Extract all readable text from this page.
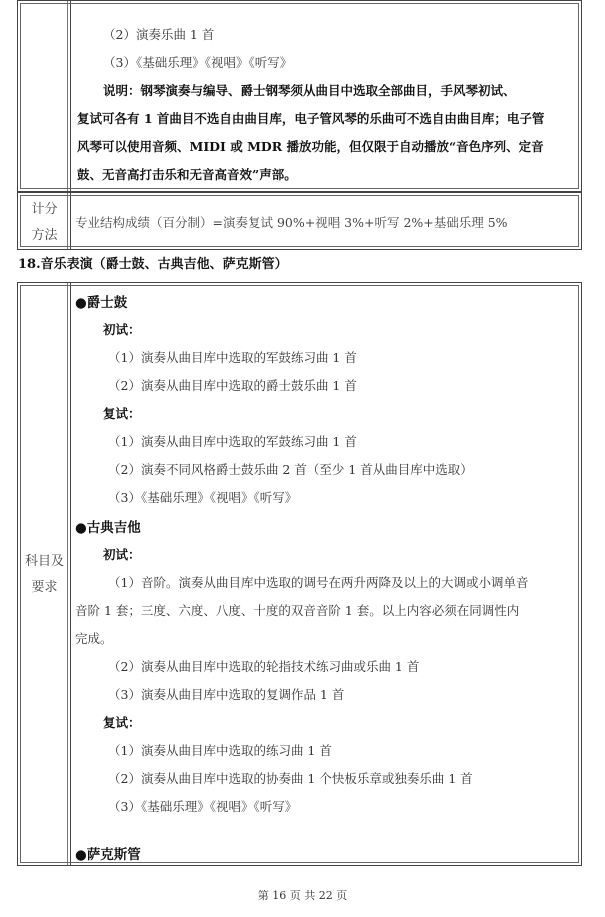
（2）演奏乐曲 1 首
（3）《基础乐理》《视唱》《听写》
说明：钢琴演奏与编导、爵士钢琴须从曲目中选取全部曲目，手风琴初试、
复试可各有 1 首曲目不选自由曲目库，电子管风琴的乐曲可不选自由曲目库；电子管
风琴可以使用音频、MIDI 或 MDR 播放功能，但仅限于自动播放“音色序列、定音
鼓、无音高打击乐和无音高音效”声部。
计分
方法
专业结构成绩（百分制）=演奏复试 90%+视唱 3%+听写 2%+基础乐理 5%
18.音乐表演（爵士鼓、古典吉他、萨克斯管）
科目及
要求
●爵士鼓
初试：
（1）演奏从曲目库中选取的军鼓练习曲 1 首
（2）演奏从曲目库中选取的爵士鼓乐曲 1 首
复试：
（1）演奏从曲目库中选取的军鼓练习曲 1 首
（2）演奏不同风格爵士鼓乐曲 2 首（至少 1 首从曲目库中选取）
（3）《基础乐理》《视唱》《听写》
●古典吉他
初试：
（1）音阶。演奏从曲目库中选取的调号在两升两降及以上的大调或小调单音
音阶 1 套；三度、六度、八度、十度的双音音阶 1 套。以上内容必须在同调性内
完成。
（2）演奏从曲目库中选取的轮指技术练习曲或乐曲 1 首
（3）演奏从曲目库中选取的复调作品 1 首
复试：
（1）演奏从曲目库中选取的练习曲 1 首
（2）演奏从曲目库中选取的协奏曲 1 个快板乐章或独奏乐曲 1 首
（3）《基础乐理》《视唱》《听写》
●萨克斯管
第 16 页 共 22 页
